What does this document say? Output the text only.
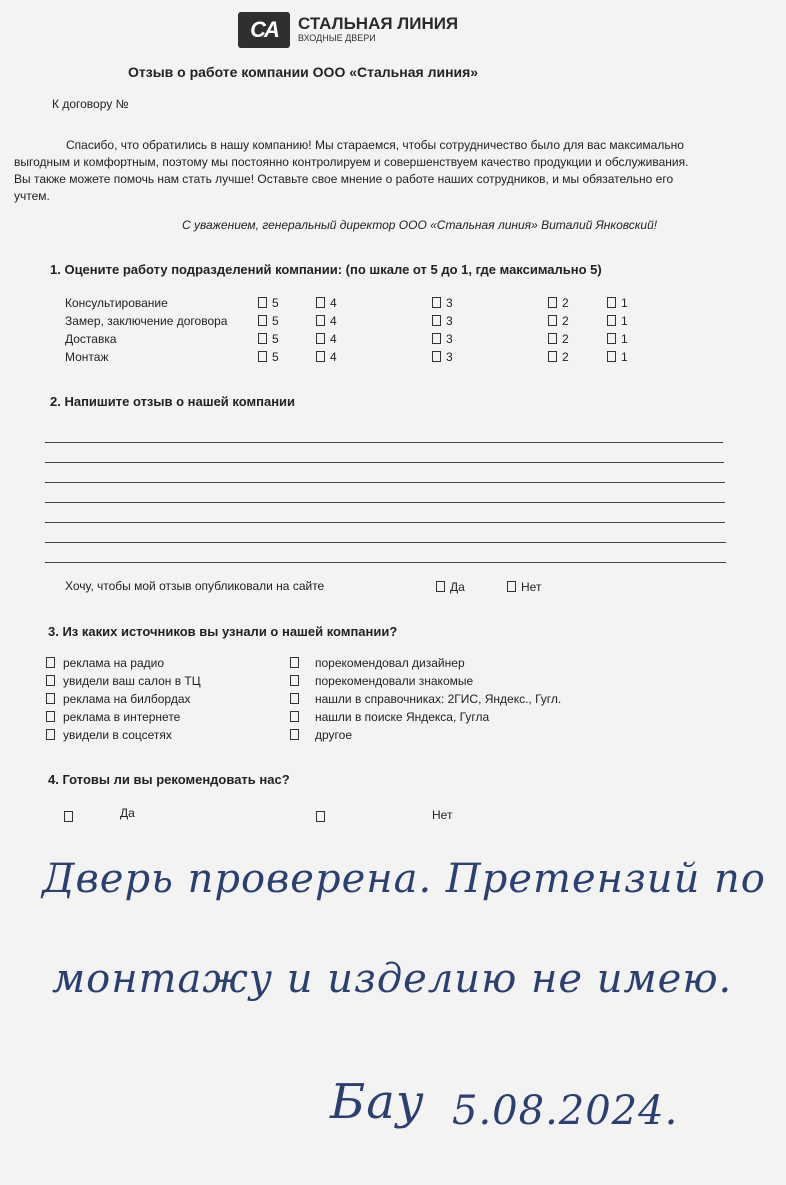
CA	СТАЛЬНАЯ ЛИНИЯ
ВХОДНЫЕ ДВЕРИ
Отзыв о работе компании ООО «Стальная линия»
К договору №
Спасибо, что обратились в нашу компанию! Мы стараемся, чтобы сотрудничество было для вас максимально
выгодным и комфортным, поэтому мы постоянно контролируем и совершенствуем качество продукции и обслуживания.
Вы также можете помочь нам стать лучше! Оставьте свое мнение о работе наших сотрудников, и мы обязательно его
учтем.
С уважением, генеральный директор ООО «Стальная линия» Виталий Янковский!
1. Оцените работу подразделений компании: (по шкале от 5 до 1, где максимально 5)
Консультирование	5	4	3	2	1
Замер, заключение договора	5	4	3	2	1
Доставка	5	4	3	2	1
Монтаж	5	4	3	2	1
2. Напишите отзыв о нашей компании
Хочу, чтобы мой отзыв опубликовали на сайте	Да	Нет
3. Из каких источников вы узнали о нашей компании?
реклама на радио
увидели ваш салон в ТЦ
реклама на билбордах
реклама в интернете
увидели в соцсетях
порекомендовал дизайнер
порекомендовали знакомые
нашли в справочниках: 2ГИС, Яндекс., Гугл.
нашли в поиске Яндекса, Гугла
другое
4. Готовы ли вы рекомендовать нас?
Да	Нет
Дверь проверена. Претензий по
монтажу и изделию не имею.
Бау 5.08.2024.
